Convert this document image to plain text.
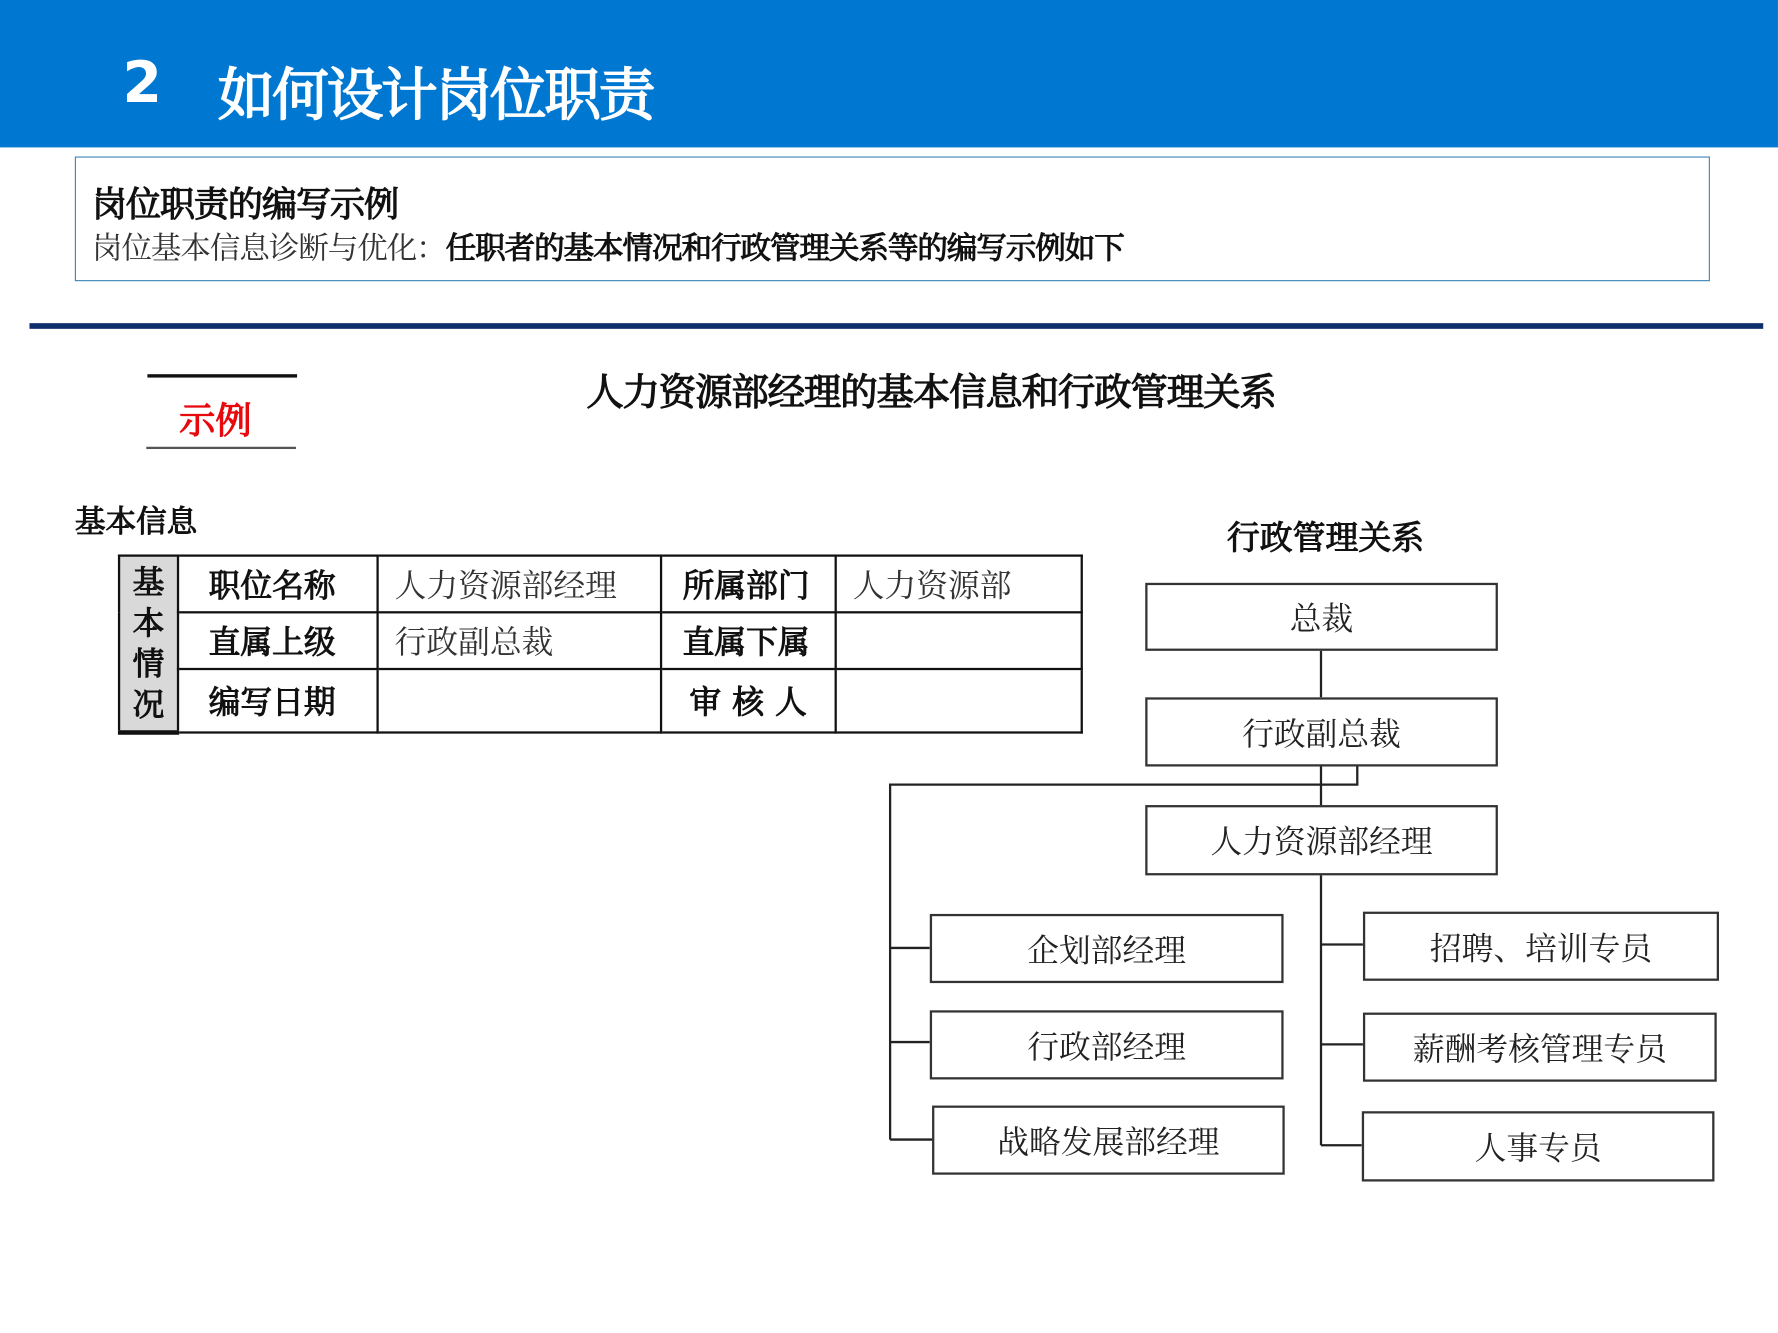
2 如何设计岗位职责
岗位职责的编写示例
岗位基本信息诊断与优化：任职者的基本情况和行政管理关系等的编写示例如下
示例
人力资源部经理的基本信息和行政管理关系
基本信息
基
本
情
况	职位名称	人力资源部经理	所属部门	人力资源部
	直属上级	行政副总裁	直属下属	
	编写日期		审 核 人	
行政管理关系
总裁
行政副总裁
人力资源部经理
企划部经理
行政部经理
战略发展部经理
招聘、培训专员
薪酬考核管理专员
人事专员
